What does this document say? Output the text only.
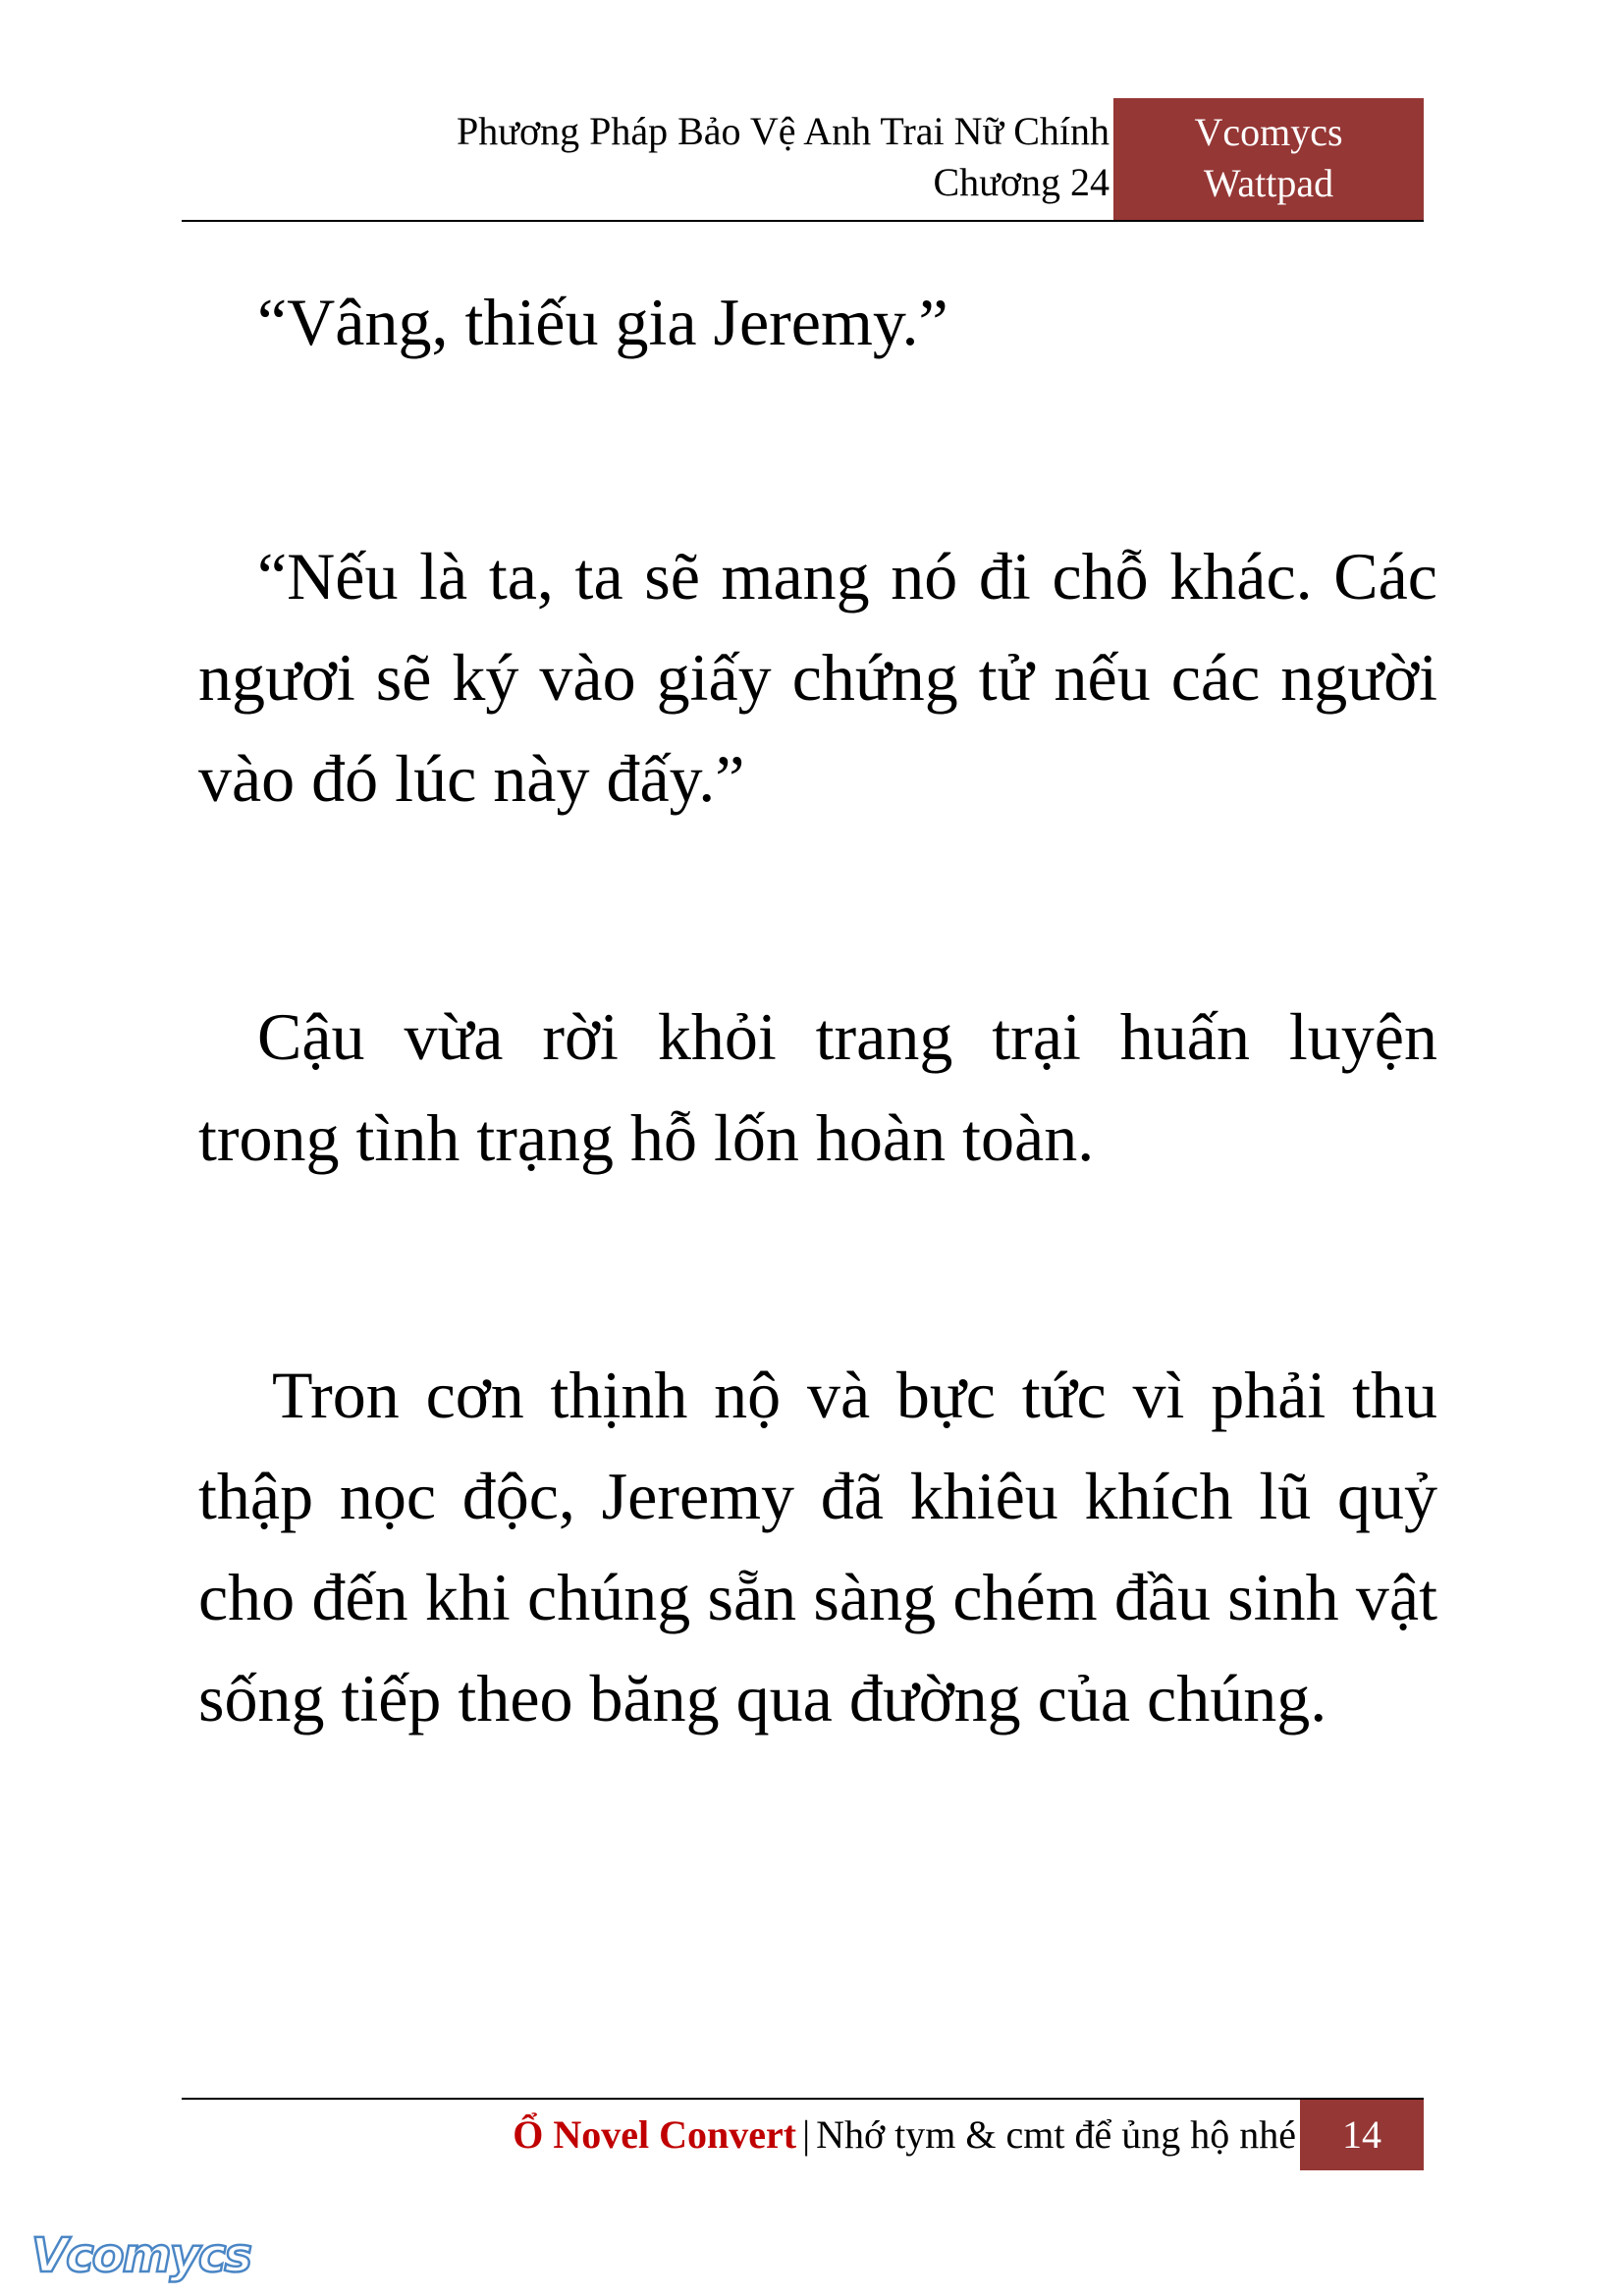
Phương Pháp Bảo Vệ Anh Trai Nữ Chính
Chương 24
Vcomycs
Wattpad

“Vâng, thiếu gia Jeremy.”

“Nếu là ta, ta sẽ mang nó đi chỗ khác. Các ngươi sẽ ký vào giấy chứng tử nếu các người vào đó lúc này đấy.”

Cậu vừa rời khỏi trang trại huấn luyện trong tình trạng hỗ lốn hoàn toàn.

Tron cơn thịnh nộ và bực tức vì phải thu thập nọc độc, Jeremy đã khiêu khích lũ quỷ cho đến khi chúng sẵn sàng chém đầu sinh vật sống tiếp theo băng qua đường của chúng.

Ổ Novel Convert | Nhớ tym & cmt để ủng hộ nhé	14
Vcomycs
